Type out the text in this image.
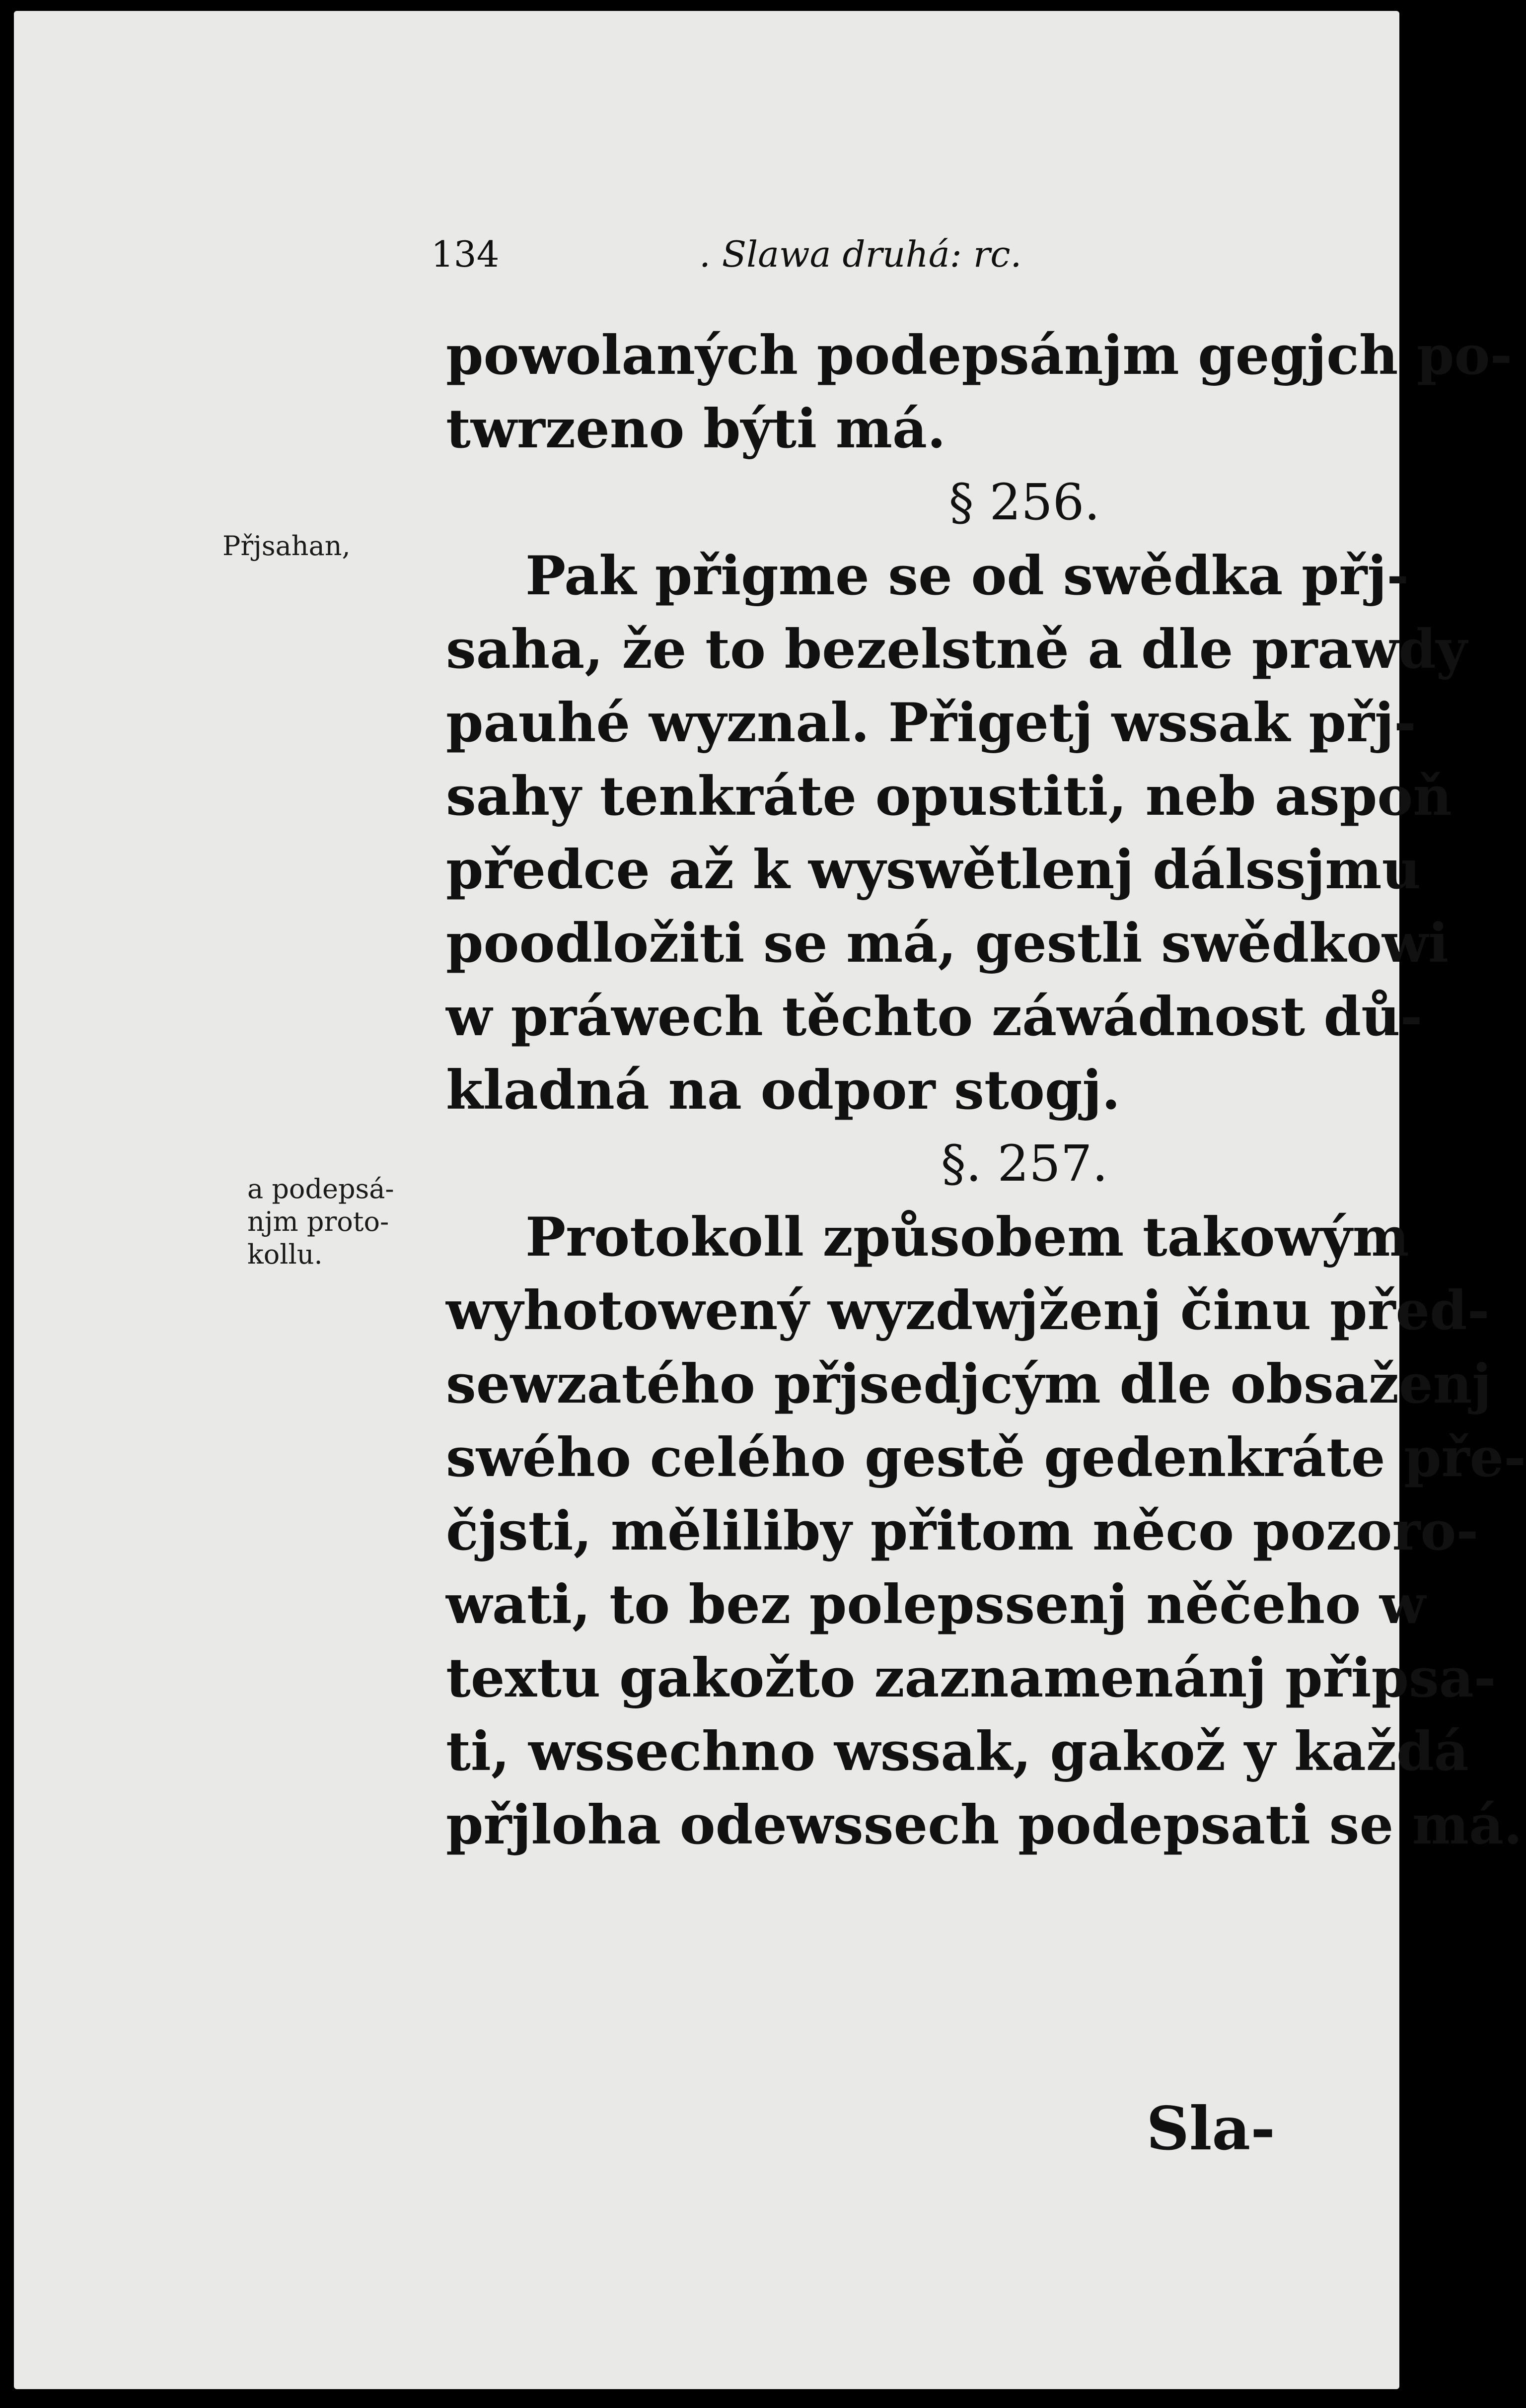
134	. Slawa druhá: rc.
Přjsahan,
a podepsá-
njm proto-
kollu.
powolaných podepsánjm gegjch po-
twrzeno býti má.
§ 256.
Pak přigme se od swědka přj-
saha, že to bezelstně a dle prawdy
pauhé wyznal. Přigetj wssak přj-
sahy tenkráte opustiti, neb aspoň
předce až k wyswětlenj dálssjmu
poodložiti se má, gestli swědkowi
w práwech těchto záwádnost dů-
kladná na odpor stogj.
§. 257.
Protokoll způsobem takowým
wyhotowený wyzdwjženj činu před-
sewzatého přjsedjcým dle obsaženj
swého celého gestě gedenkráte pře-
čjsti, měliliby přitom něco pozoro-
wati, to bez polepssenj něčeho w
textu gakožto zaznamenánj připsa-
ti, wssechno wssak, gakož y každá
přjloha odewssech podepsati se má.
Sla-
